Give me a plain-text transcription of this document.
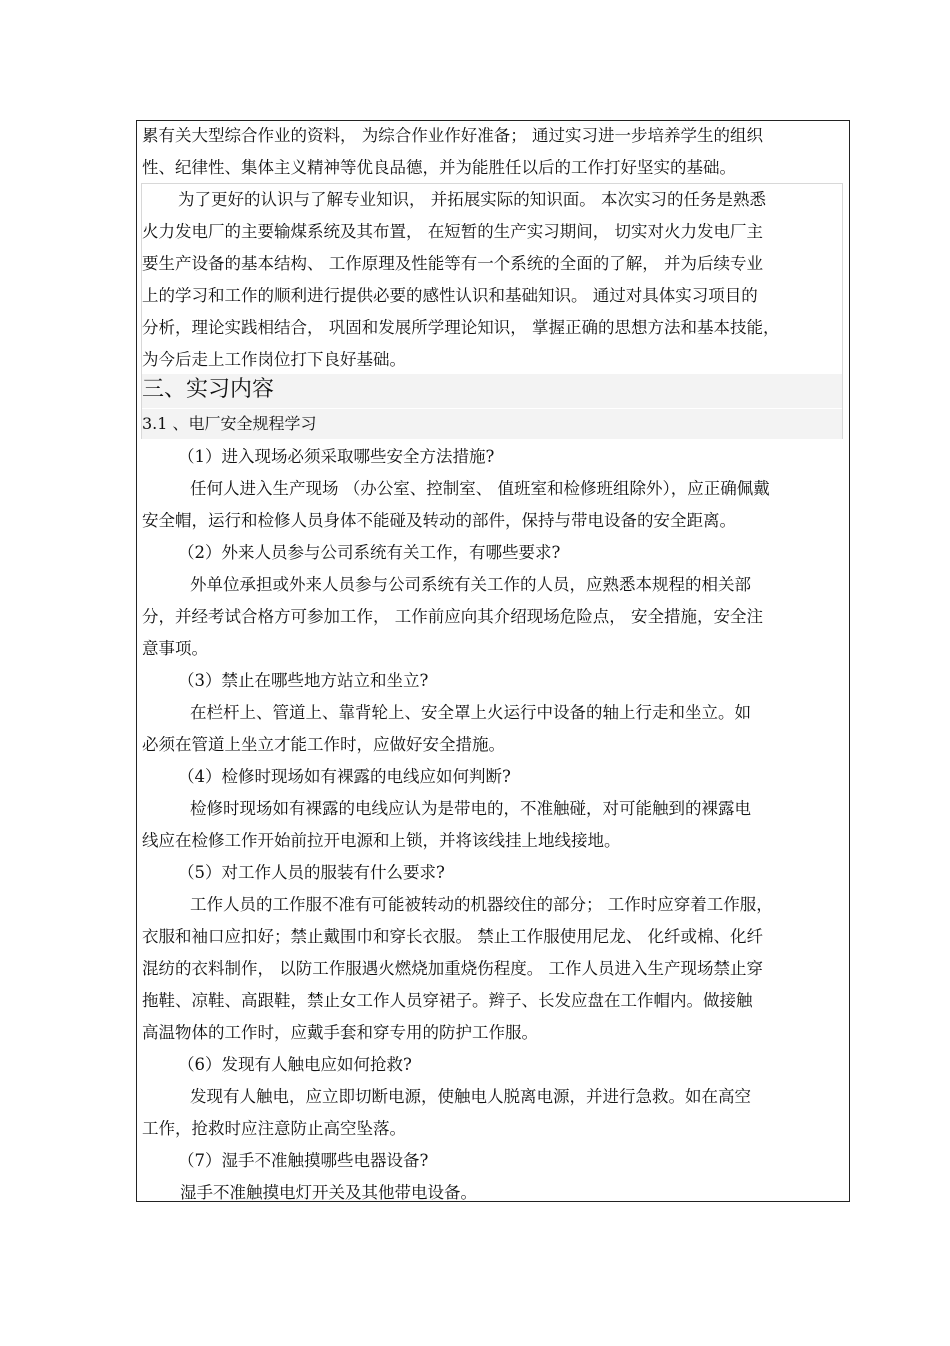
累有关大型综合作业的资料， 为综合作业作好准备； 通过实习进一步培养学生的组织
性、纪律性、集体主义精神等优良品德，并为能胜任以后的工作打好坚实的基础。
为了更好的认识与了解专业知识， 并拓展实际的知识面。 本次实习的任务是熟悉
火力发电厂的主要输煤系统及其布置， 在短暂的生产实习期间， 切实对火力发电厂主
要生产设备的基本结构、 工作原理及性能等有一个系统的全面的了解， 并为后续专业
上的学习和工作的顺利进行提供必要的感性认识和基础知识。 通过对具体实习项目的
分析，理论实践相结合， 巩固和发展所学理论知识， 掌握正确的思想方法和基本技能，
为今后走上工作岗位打下良好基础。
三、实习内容
3.1 、电厂安全规程学习
（1）进入现场必须采取哪些安全方法措施?
任何人进入生产现场 （办公室、控制室、 值班室和检修班组除外），应正确佩戴
安全帽，运行和检修人员身体不能碰及转动的部件，保持与带电设备的安全距离。
（2）外来人员参与公司系统有关工作，有哪些要求?
外单位承担或外来人员参与公司系统有关工作的人员，应熟悉本规程的相关部
分，并经考试合格方可参加工作， 工作前应向其介绍现场危险点， 安全措施，安全注
意事项。
（3）禁止在哪些地方站立和坐立?
在栏杆上、管道上、靠背轮上、安全罩上火运行中设备的轴上行走和坐立。如
必须在管道上坐立才能工作时，应做好安全措施。
（4）检修时现场如有裸露的电线应如何判断?
检修时现场如有裸露的电线应认为是带电的，不准触碰，对可能触到的裸露电
线应在检修工作开始前拉开电源和上锁，并将该线挂上地线接地。
（5）对工作人员的服装有什么要求?
工作人员的工作服不准有可能被转动的机器绞住的部分； 工作时应穿着工作服，
衣服和袖口应扣好；禁止戴围巾和穿长衣服。 禁止工作服使用尼龙、 化纤或棉、化纤
混纺的衣料制作， 以防工作服遇火燃烧加重烧伤程度。 工作人员进入生产现场禁止穿
拖鞋、凉鞋、高跟鞋，禁止女工作人员穿裙子。辫子、长发应盘在工作帽内。做接触
高温物体的工作时，应戴手套和穿专用的防护工作服。
（6）发现有人触电应如何抢救?
发现有人触电，应立即切断电源，使触电人脱离电源，并进行急救。如在高空
工作，抢救时应注意防止高空坠落。
（7）湿手不准触摸哪些电器设备?
湿手不准触摸电灯开关及其他带电设备。
